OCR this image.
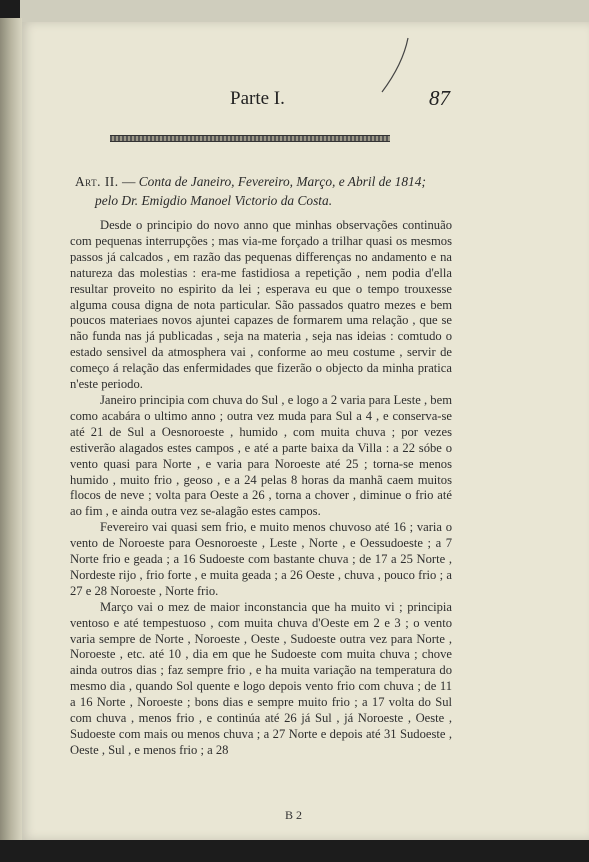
Parte I.	87
Art. II. — Conta de Janeiro, Fevereiro, Março, e Abril de 1814;
pelo Dr. Emigdio Manoel Victorio da Costa.

Desde o principio do novo anno que minhas observações continuão com pequenas interrupções ; mas via-me forçado a trilhar quasi os mesmos passos já calcados , em razão das pequenas differenças no andamento e na natureza das molestias : era-me fastidiosa a repetição , nem podia d'ella resultar proveito no espirito da lei ; esperava eu que o tempo trouxesse alguma cousa digna de nota particular. São passados quatro mezes e bem poucos materiaes novos ajuntei capazes de formarem uma relação , que se não funda nas já publicadas , seja na materia , seja nas ideias : comtudo o estado sensivel da atmosphera vai , conforme ao meu costume , servir de começo á relação das enfermidades que fizerão o objecto da minha pratica n'este periodo.

Janeiro principia com chuva do Sul , e logo a 2 varia para Leste , bem como acabára o ultimo anno ; outra vez muda para Sul a 4 , e conserva-se até 21 de Sul a Oesnoroeste , humido , com muita chuva ; por vezes estiverão alagados estes campos , e até a parte baixa da Villa : a 22 sóbe o vento quasi para Norte , e varia para Noroeste até 25 ; torna-se menos humido , muito frio , geoso , e a 24 pelas 8 horas da manhã caem muitos flocos de neve ; volta para Oeste a 26 , torna a chover , diminue o frio até ao fim , e ainda outra vez se-alagão estes campos.

Fevereiro vai quasi sem frio, e muito menos chuvoso até 16 ; varia o vento de Noroeste para Oesnoroeste , Leste , Norte , e Oessudoeste ; a 7 Norte frio e geada ; a 16 Sudoeste com bastante chuva ; de 17 a 25 Norte , Nordeste rijo , frio forte , e muita geada ; a 26 Oeste , chuva , pouco frio ; a 27 e 28 Noroeste , Norte frio.

Março vai o mez de maior inconstancia que ha muito vi ; principia ventoso e até tempestuoso , com muita chuva d'Oeste em 2 e 3 ; o vento varia sempre de Norte , Noroeste , Oeste , Sudoeste outra vez para Norte , Noroeste , etc. até 10 , dia em que he Sudoeste com muita chuva ; chove ainda outros dias ; faz sempre frio , e ha muita variação na temperatura do mesmo dia , quando Sol quente e logo depois vento frio com chuva ; de 11 a 16 Norte , Noroeste ; bons dias e sempre muito frio ; a 17 volta do Sul com chuva , menos frio , e continúa até 26 já Sul , já Noroeste , Oeste , Sudoeste com mais ou menos chuva ; a 27 Norte e depois até 31 Sudoeste , Oeste , Sul , e menos frio ; a 28

B 2
